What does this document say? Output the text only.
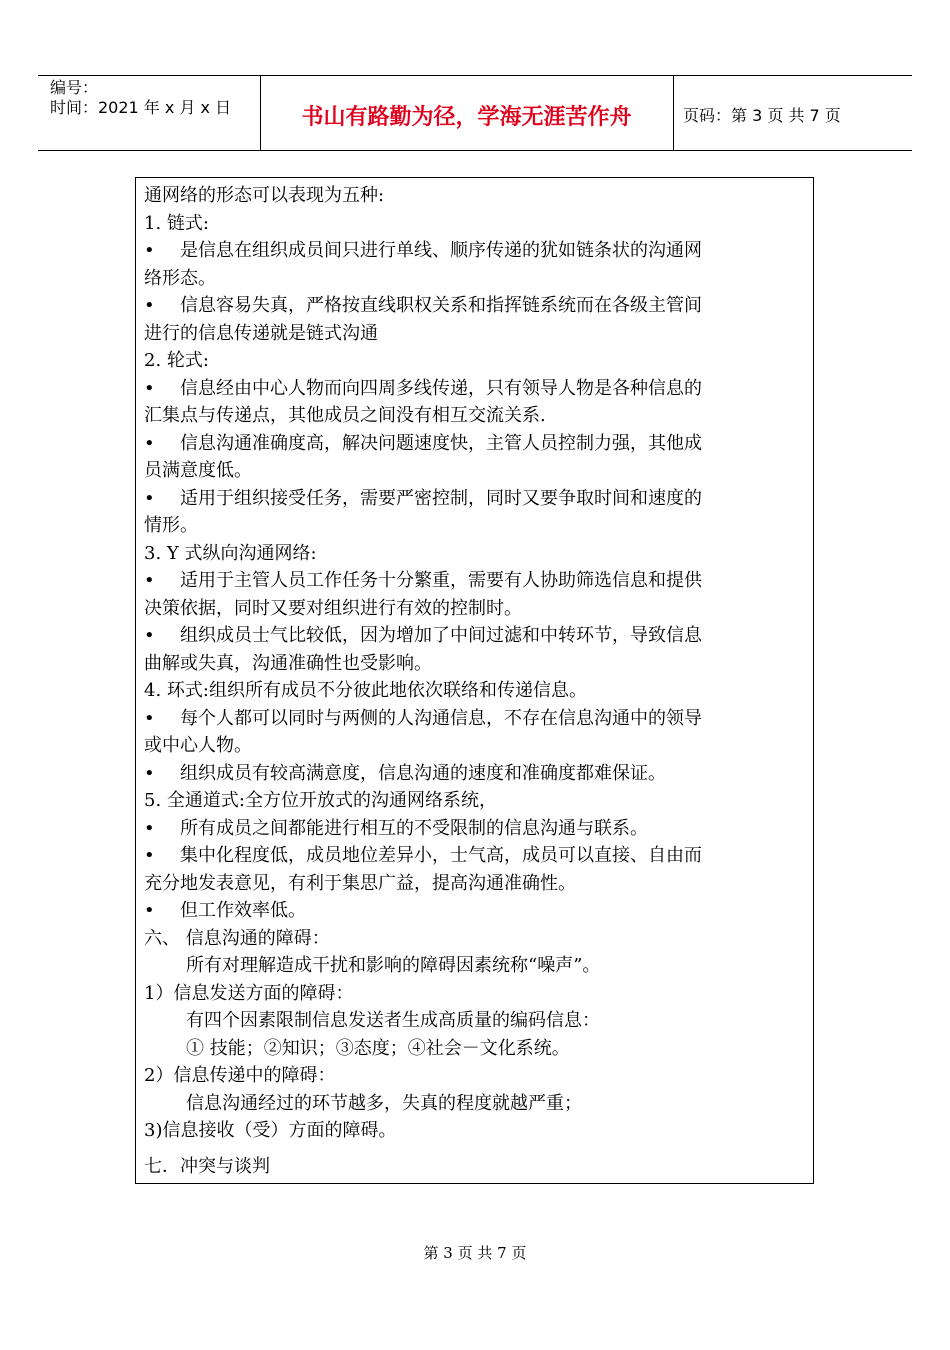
编号：
时间：2021 年 x 月 x 日	书山有路勤为径，学海无涯苦作舟	页码：第 3 页 共 7 页
通网络的形态可以表现为五种:
1. 链式:
• 是信息在组织成员间只进行单线、顺序传递的犹如链条状的沟通网
络形态。
• 信息容易失真，严格按直线职权关系和指挥链系统而在各级主管间
进行的信息传递就是链式沟通
2. 轮式:
• 信息经由中心人物而向四周多线传递，只有领导人物是各种信息的
汇集点与传递点，其他成员之间没有相互交流关系.
• 信息沟通准确度高，解决问题速度快，主管人员控制力强，其他成
员满意度低。
• 适用于组织接受任务，需要严密控制，同时又要争取时间和速度的
情形。
3. Y 式纵向沟通网络:
• 适用于主管人员工作任务十分繁重，需要有人协助筛选信息和提供
决策依据，同时又要对组织进行有效的控制时。
• 组织成员士气比较低，因为增加了中间过滤和中转环节，导致信息
曲解或失真，沟通准确性也受影响。
4. 环式:组织所有成员不分彼此地依次联络和传递信息。
• 每个人都可以同时与两侧的人沟通信息，不存在信息沟通中的领导
或中心人物。
• 组织成员有较高满意度，信息沟通的速度和准确度都难保证。
5. 全通道式:全方位开放式的沟通网络系统，
• 所有成员之间都能进行相互的不受限制的信息沟通与联系。
• 集中化程度低，成员地位差异小，士气高，成员可以直接、自由而
充分地发表意见，有利于集思广益，提高沟通准确性。
• 但工作效率低。
六、 信息沟通的障碍：
所有对理解造成干扰和影响的障碍因素统称“噪声”。
1）信息发送方面的障碍：
有四个因素限制信息发送者生成高质量的编码信息：
① 技能；②知识；③态度；④社会－文化系统。
2）信息传递中的障碍：
信息沟通经过的环节越多，失真的程度就越严重；
3)信息接收（受）方面的障碍。
七．冲突与谈判
第 3 页 共 7 页
